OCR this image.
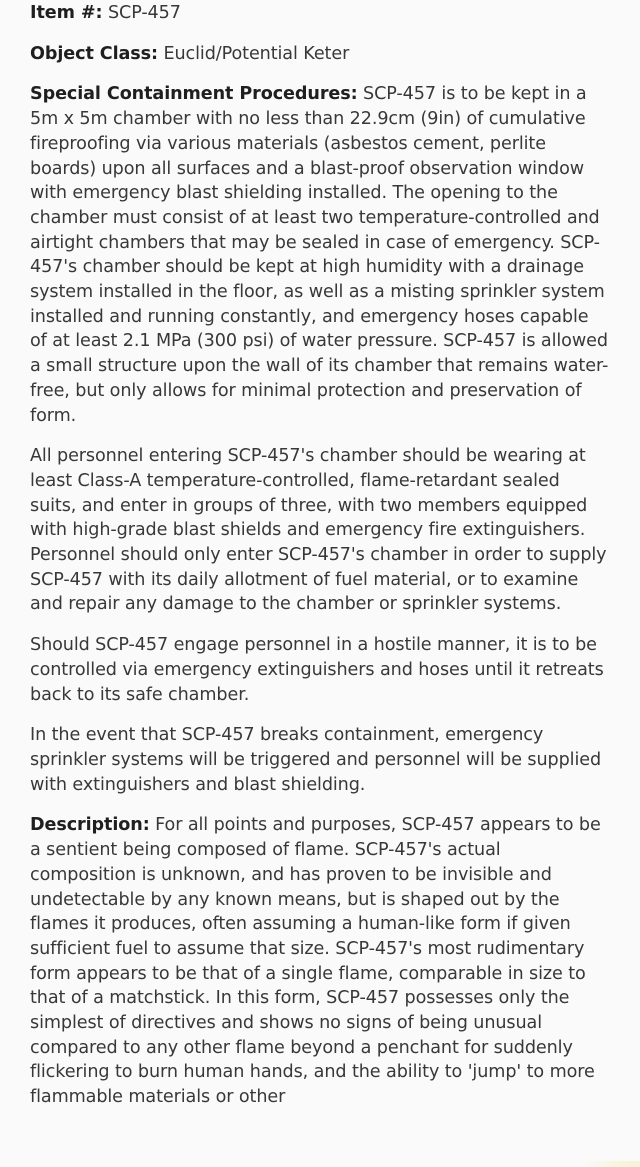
Item #: SCP-457

Object Class: Euclid/Potential Keter

Special Containment Procedures: SCP-457 is to be kept in a 5m x 5m chamber with no less than 22.9cm (9in) of cumulative fireproofing via various materials (asbestos cement, perlite boards) upon all surfaces and a blast-proof observation window with emergency blast shielding installed. The opening to the chamber must consist of at least two temperature-controlled and airtight chambers that may be sealed in case of emergency. SCP-457's chamber should be kept at high humidity with a drainage system installed in the floor, as well as a misting sprinkler system installed and running constantly, and emergency hoses capable of at least 2.1 MPa (300 psi) of water pressure. SCP-457 is allowed a small structure upon the wall of its chamber that remains water-free, but only allows for minimal protection and preservation of form.

All personnel entering SCP-457's chamber should be wearing at least Class-A temperature-controlled, flame-retardant sealed suits, and enter in groups of three, with two members equipped with high-grade blast shields and emergency fire extinguishers. Personnel should only enter SCP-457's chamber in order to supply SCP-457 with its daily allotment of fuel material, or to examine and repair any damage to the chamber or sprinkler systems.

Should SCP-457 engage personnel in a hostile manner, it is to be controlled via emergency extinguishers and hoses until it retreats back to its safe chamber.

In the event that SCP-457 breaks containment, emergency sprinkler systems will be triggered and personnel will be supplied with extinguishers and blast shielding.

Description: For all points and purposes, SCP-457 appears to be a sentient being composed of flame. SCP-457's actual composition is unknown, and has proven to be invisible and undetectable by any known means, but is shaped out by the flames it produces, often assuming a human-like form if given sufficient fuel to assume that size. SCP-457's most rudimentary form appears to be that of a single flame, comparable in size to that of a matchstick. In this form, SCP-457 possesses only the simplest of directives and shows no signs of being unusual compared to any other flame beyond a penchant for suddenly flickering to burn human hands, and the ability to 'jump' to more flammable materials or other
